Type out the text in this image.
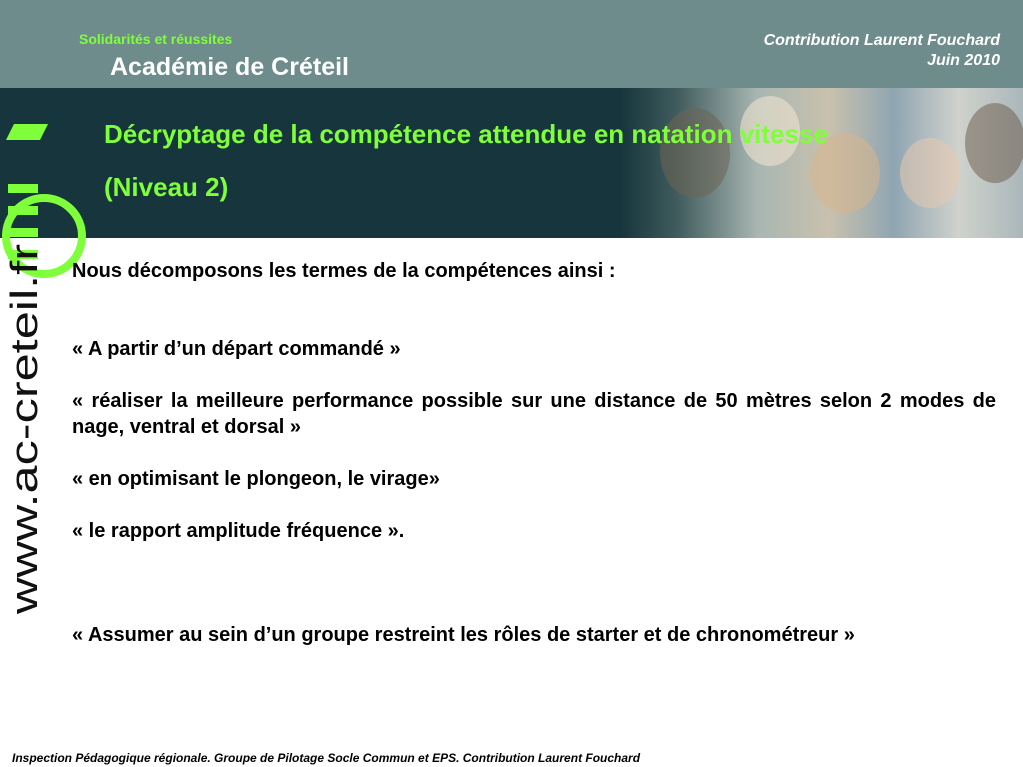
Solidarités et réussites
Académie de Créteil
Contribution Laurent Fouchard
Juin 2010
Décryptage de la compétence attendue en natation vitesse
(Niveau 2)
www.ac-creteil.fr

Nous décomposons les termes de la compétences ainsi :

« A partir d’un départ commandé »

« réaliser la meilleure performance possible sur une distance de 50 mètres selon 2 modes de nage, ventral et dorsal »

« en optimisant le plongeon, le virage»

« le rapport amplitude fréquence ».

« Assumer au sein d’un groupe restreint les rôles de starter et de chronométreur »

Inspection Pédagogique régionale. Groupe de Pilotage Socle Commun et EPS. Contribution Laurent Fouchard
